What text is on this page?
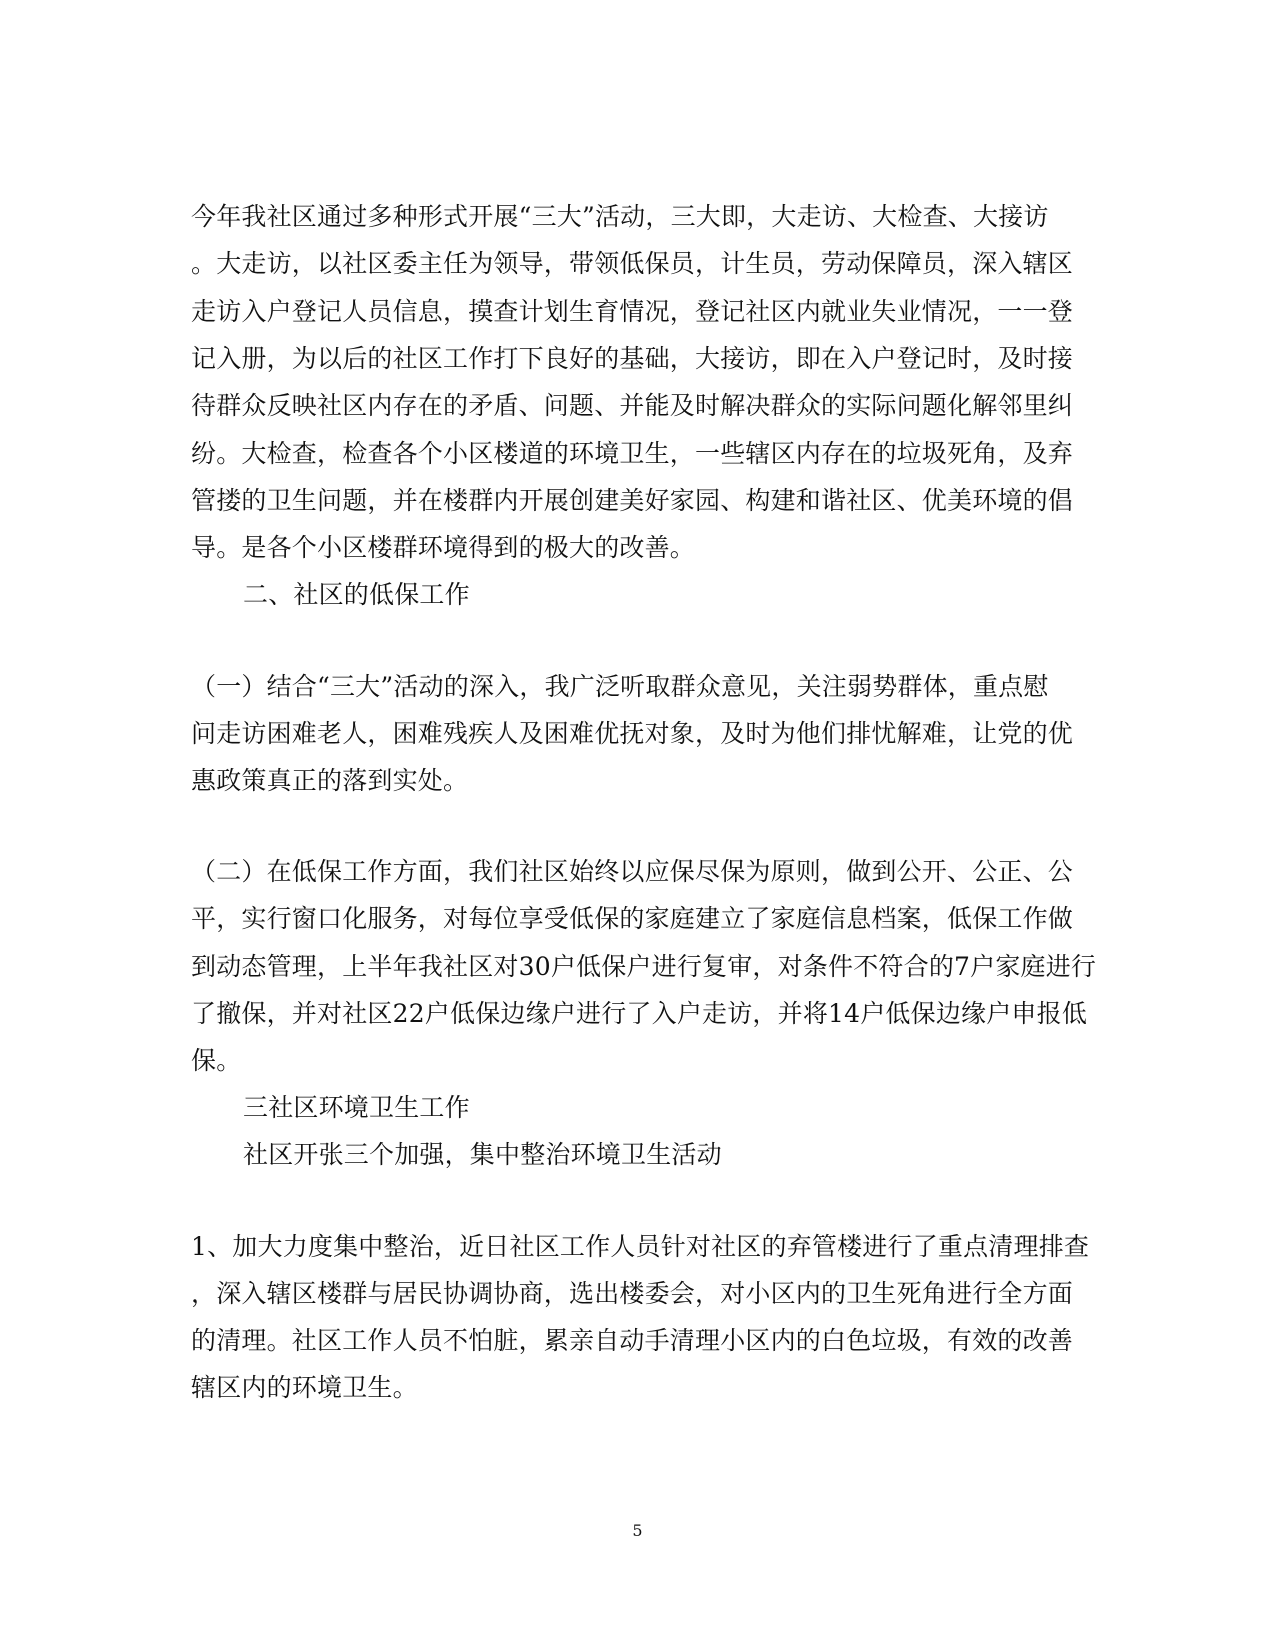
今年我社区通过多种形式开展“三大”活动，三大即，大走访、大检查、大接访
。大走访，以社区委主任为领导，带领低保员，计生员，劳动保障员，深入辖区
走访入户登记人员信息，摸查计划生育情况，登记社区内就业失业情况，一一登
记入册，为以后的社区工作打下良好的基础，大接访，即在入户登记时，及时接
待群众反映社区内存在的矛盾、问题、并能及时解决群众的实际问题化解邻里纠
纷。大检查，检查各个小区楼道的环境卫生，一些辖区内存在的垃圾死角，及弃
管搂的卫生问题，并在楼群内开展创建美好家园、构建和谐社区、优美环境的倡
导。是各个小区楼群环境得到的极大的改善。
二、社区的低保工作
（一）结合“三大”活动的深入，我广泛听取群众意见，关注弱势群体，重点慰
问走访困难老人，困难残疾人及困难优抚对象，及时为他们排忧解难，让党的优
惠政策真正的落到实处。
（二）在低保工作方面，我们社区始终以应保尽保为原则，做到公开、公正、公
平，实行窗口化服务，对每位享受低保的家庭建立了家庭信息档案，低保工作做
到动态管理，上半年我社区对30户低保户进行复审，对条件不符合的7户家庭进行
了撤保，并对社区22户低保边缘户进行了入户走访，并将14户低保边缘户申报低
保。
三社区环境卫生工作
社区开张三个加强，集中整治环境卫生活动
1、加大力度集中整治，近日社区工作人员针对社区的弃管楼进行了重点清理排查
，深入辖区楼群与居民协调协商，选出楼委会，对小区内的卫生死角进行全方面
的清理。社区工作人员不怕脏，累亲自动手清理小区内的白色垃圾，有效的改善
辖区内的环境卫生。
5
